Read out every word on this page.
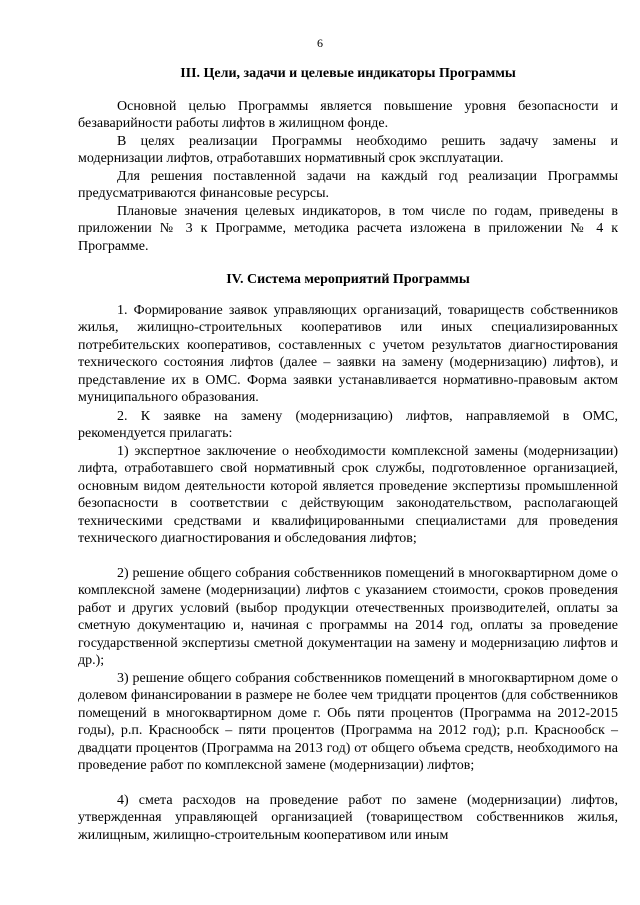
6
III. Цели, задачи и целевые индикаторы Программы

Основной целью Программы является повышение уровня безопасности и безаварийности работы лифтов в жилищном фонде.

В целях реализации Программы необходимо решить задачу замены и модернизации лифтов, отработавших нормативный срок эксплуатации.

Для решения поставленной задачи на каждый год реализации Программы предусматриваются финансовые ресурсы.

Плановые значения целевых индикаторов, в том числе по годам, приведены в приложении № 3 к Программе, методика расчета изложена в приложении № 4 к Программе.

IV. Система мероприятий Программы

1. Формирование заявок управляющих организаций, товариществ собственников жилья, жилищно-строительных кооперативов или иных специализированных потребительских кооперативов, составленных с учетом результатов диагностирования технического состояния лифтов (далее – заявки на замену (модернизацию) лифтов), и представление их в ОМС. Форма заявки устанавливается нормативно-правовым актом муниципального образования.

2. К заявке на замену (модернизацию) лифтов, направляемой в ОМС, рекомендуется прилагать:

1) экспертное заключение о необходимости комплексной замены (модернизации) лифта, отработавшего свой нормативный срок службы, подготовленное организацией, основным видом деятельности которой является проведение экспертизы промышленной безопасности в соответствии с действующим законодательством, располагающей техническими средствами и квалифицированными специалистами для проведения технического диагностирования и обследования лифтов;

2) решение общего собрания собственников помещений в многоквартирном доме о комплексной замене (модернизации) лифтов с указанием стоимости, сроков проведения работ и других условий (выбор продукции отечественных производителей, оплаты за сметную документацию и, начиная с программы на 2014 год, оплаты за проведение государственной экспертизы сметной документации на замену и модернизацию лифтов и др.);

3) решение общего собрания собственников помещений в многоквартирном доме о долевом финансировании в размере не более чем тридцати процентов (для собственников помещений в многоквартирном доме г. Обь пяти процентов (Программа на 2012-2015 годы), р.п. Краснообск – пяти процентов (Программа на 2012 год); р.п. Краснообск – двадцати процентов (Программа на 2013 год) от общего объема средств, необходимого на проведение работ по комплексной замене (модернизации) лифтов;

4) смета расходов на проведение работ по замене (модернизации) лифтов, утвержденная управляющей организацией (товариществом собственников жилья, жилищным, жилищно-строительным кооперативом или иным
